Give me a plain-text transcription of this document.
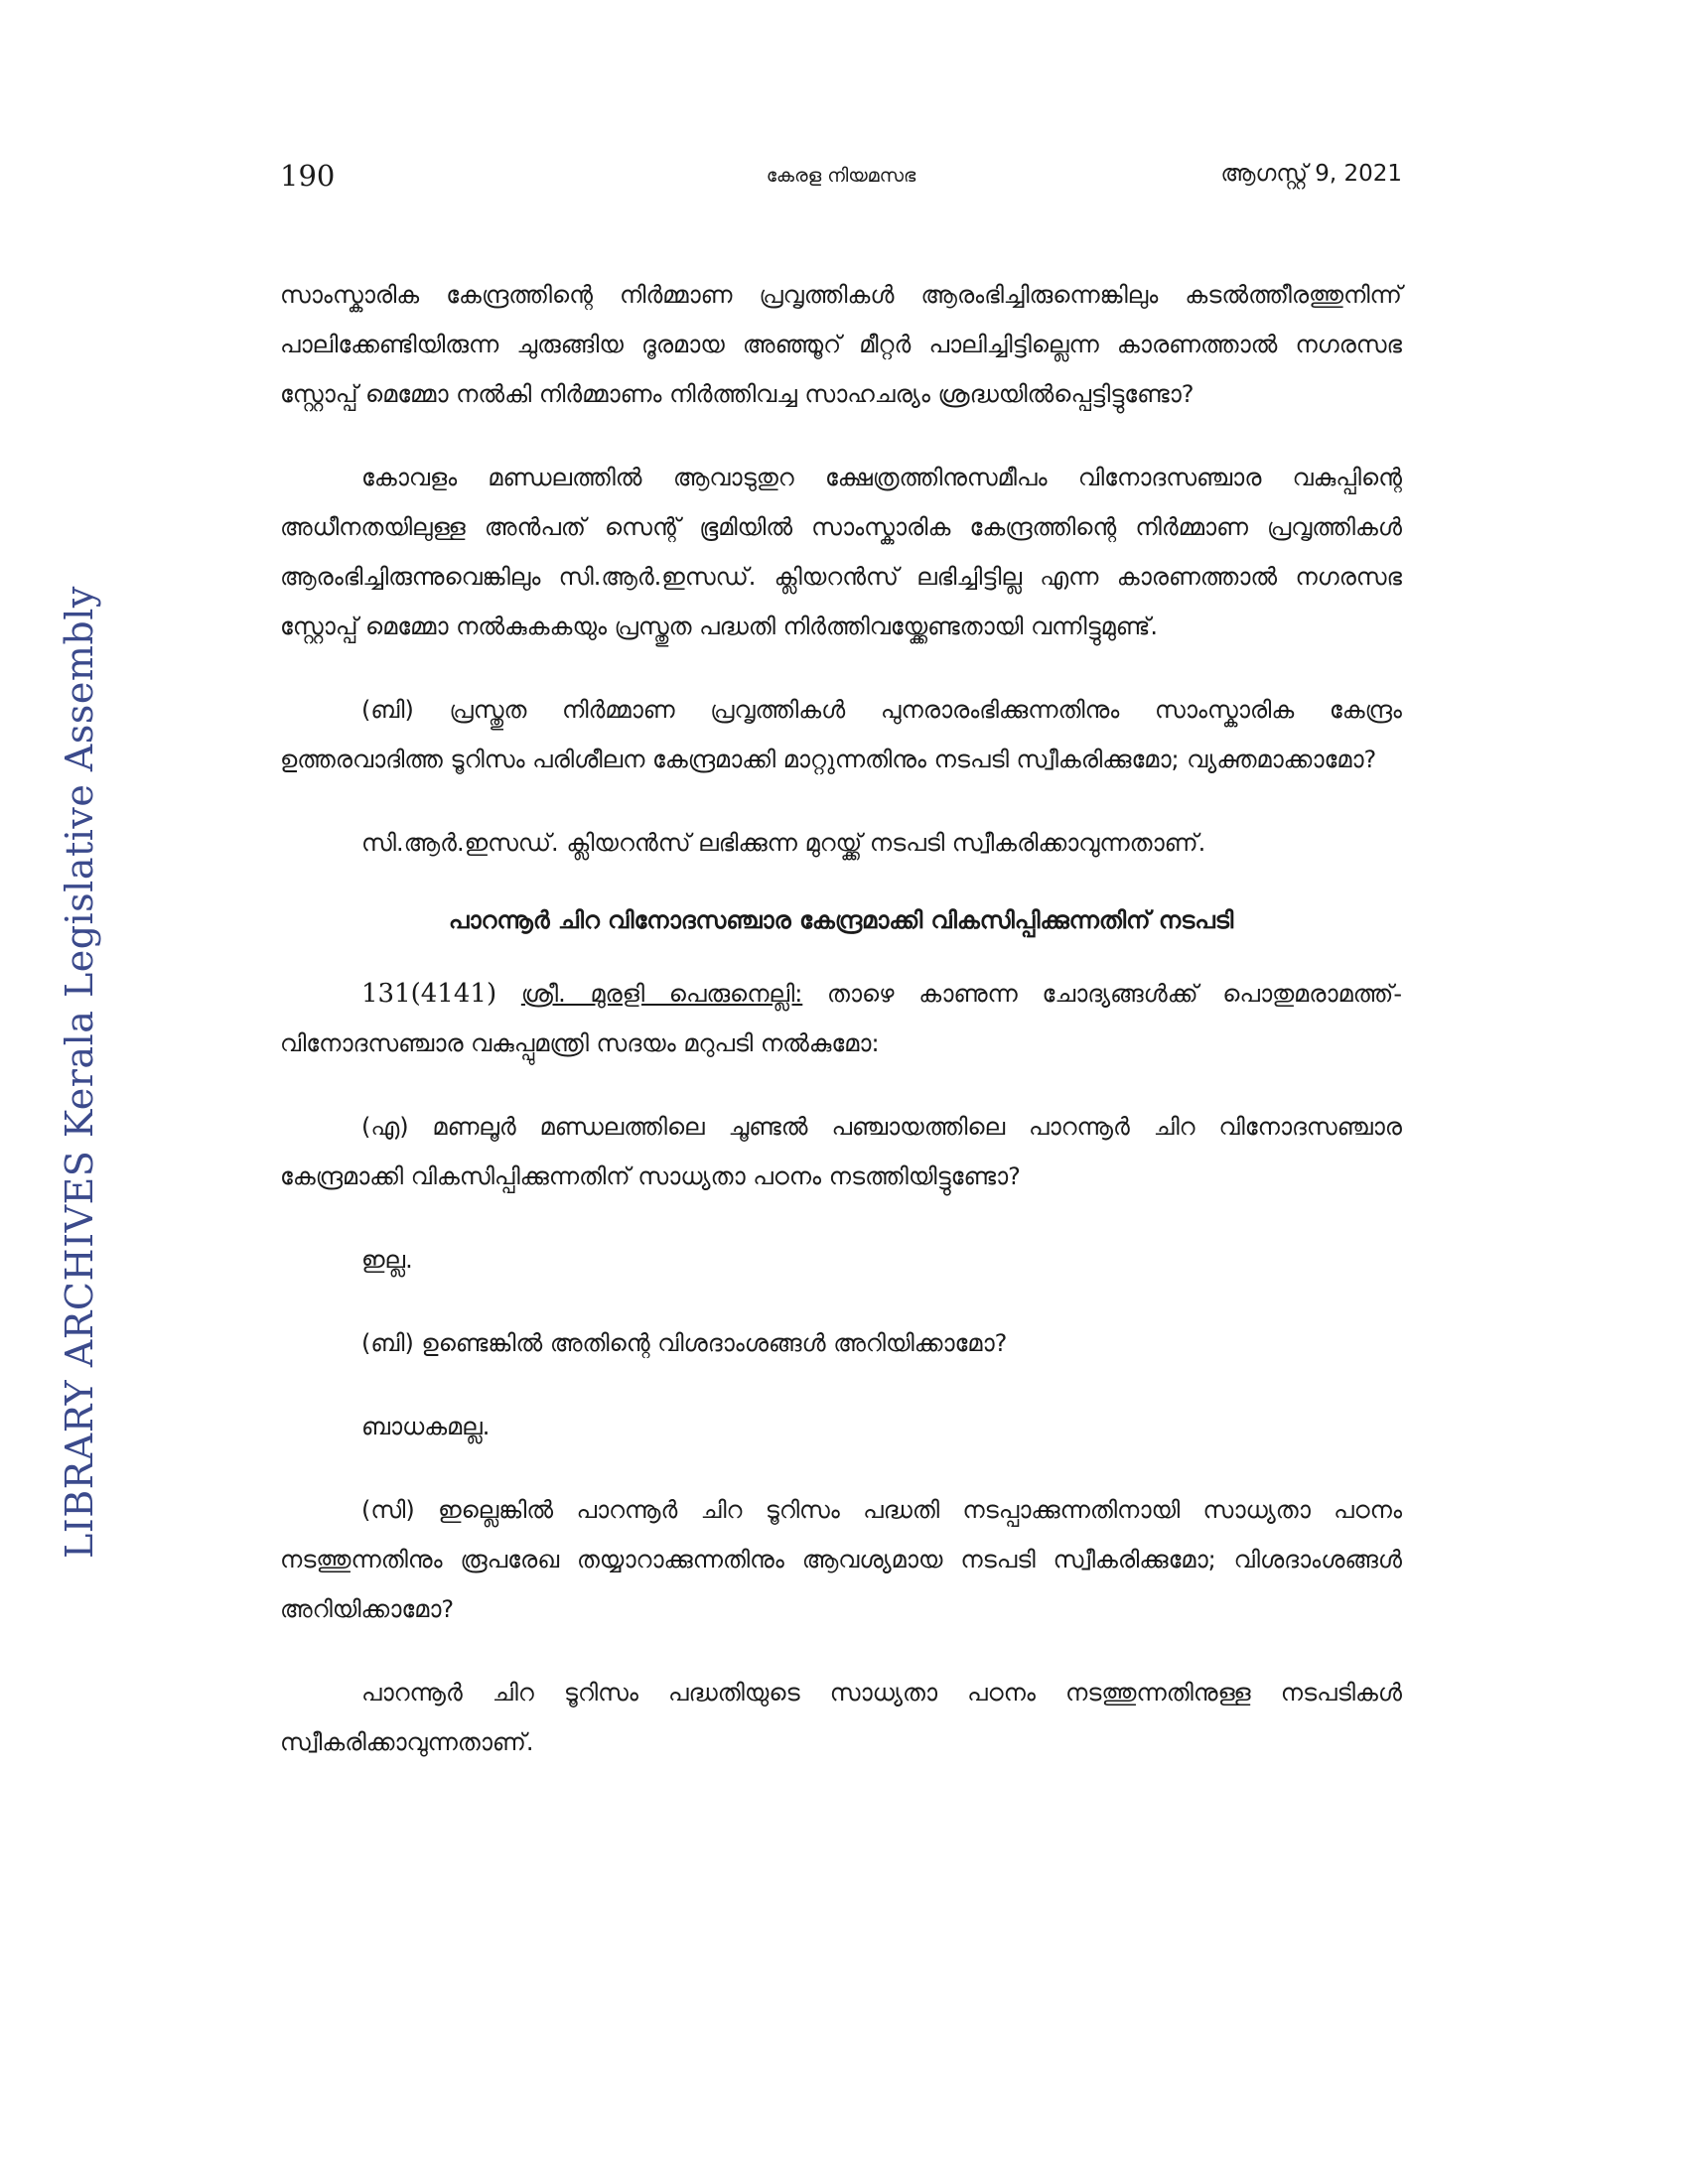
LIBRARY ARCHIVES Kerala Legislative Assembly
190	കേരള നിയമസഭ	ആഗസ്റ്റ് 9, 2021

സാംസ്കാരിക കേന്ദ്രത്തിന്റെ നിർമ്മാണ പ്രവൃത്തികൾ ആരംഭിച്ചിരുന്നെങ്കിലും കടൽത്തീരത്തുനിന്ന് പാലിക്കേണ്ടിയിരുന്ന ചുരുങ്ങിയ ദൂരമായ അഞ്ഞൂറ് മീറ്റർ പാലിച്ചിട്ടില്ലെന്ന കാരണത്താൽ നഗരസഭ സ്റ്റോപ്പ് മെമ്മോ നൽകി നിർമ്മാണം നിർത്തിവച്ച സാഹചര്യം ശ്രദ്ധയിൽപ്പെട്ടിട്ടുണ്ടോ?

കോവളം മണ്ഡലത്തിൽ ആവാടുതുറ ക്ഷേത്രത്തിനുസമീപം വിനോദസഞ്ചാര വകുപ്പിന്റെ അധീനതയിലുള്ള അൻപത് സെന്റ് ഭൂമിയിൽ സാംസ്കാരിക കേന്ദ്രത്തിന്റെ നിർമ്മാണ പ്രവൃത്തികൾ ആരംഭിച്ചിരുന്നുവെങ്കിലും സി.ആർ.ഇസഡ്. ക്ലിയറൻസ് ലഭിച്ചിട്ടില്ല എന്ന കാരണത്താൽ നഗരസഭ സ്റ്റോപ്പ് മെമ്മോ നൽകുകകയും പ്രസ്തുത പദ്ധതി നിർത്തിവയ്ക്കേണ്ടതായി വന്നിട്ടുമുണ്ട്.

(ബി) പ്രസ്തുത നിർമ്മാണ പ്രവൃത്തികൾ പുനരാരംഭിക്കുന്നതിനും സാംസ്കാരിക കേന്ദ്രം ഉത്തരവാദിത്ത ടൂറിസം പരിശീലന കേന്ദ്രമാക്കി മാറ്റുന്നതിനും നടപടി സ്വീകരിക്കുമോ; വ്യക്തമാക്കാമോ?

സി.ആർ.ഇസഡ്. ക്ലിയറൻസ് ലഭിക്കുന്ന മുറയ്ക്ക് നടപടി സ്വീകരിക്കാവുന്നതാണ്.

പാറന്നൂർ ചിറ വിനോദസഞ്ചാര കേന്ദ്രമാക്കി വികസിപ്പിക്കുന്നതിന് നടപടി

131(4141) ശ്രീ. മുരളി പെരുനെല്ലി: താഴെ കാണുന്ന ചോദ്യങ്ങൾക്ക് പൊതുമരാമത്ത്-വിനോദസഞ്ചാര വകുപ്പുമന്ത്രി സദയം മറുപടി നൽകുമോ:

(എ) മണലൂർ മണ്ഡലത്തിലെ ചൂണ്ടൽ പഞ്ചായത്തിലെ പാറന്നൂർ ചിറ വിനോദസഞ്ചാര കേന്ദ്രമാക്കി വികസിപ്പിക്കുന്നതിന് സാധ്യതാ പഠനം നടത്തിയിട്ടുണ്ടോ?

ഇല്ല.

(ബി) ഉണ്ടെങ്കിൽ അതിന്റെ വിശദാംശങ്ങൾ അറിയിക്കാമോ?

ബാധകമല്ല.

(സി) ഇല്ലെങ്കിൽ പാറന്നൂർ ചിറ ടൂറിസം പദ്ധതി നടപ്പാക്കുന്നതിനായി സാധ്യതാ പഠനം നടത്തുന്നതിനും രൂപരേഖ തയ്യാറാക്കുന്നതിനും ആവശ്യമായ നടപടി സ്വീകരിക്കുമോ; വിശദാംശങ്ങൾ അറിയിക്കാമോ?

പാറന്നൂർ ചിറ ടൂറിസം പദ്ധതിയുടെ സാധ്യതാ പഠനം നടത്തുന്നതിനുള്ള നടപടികൾ സ്വീകരിക്കാവുന്നതാണ്.
